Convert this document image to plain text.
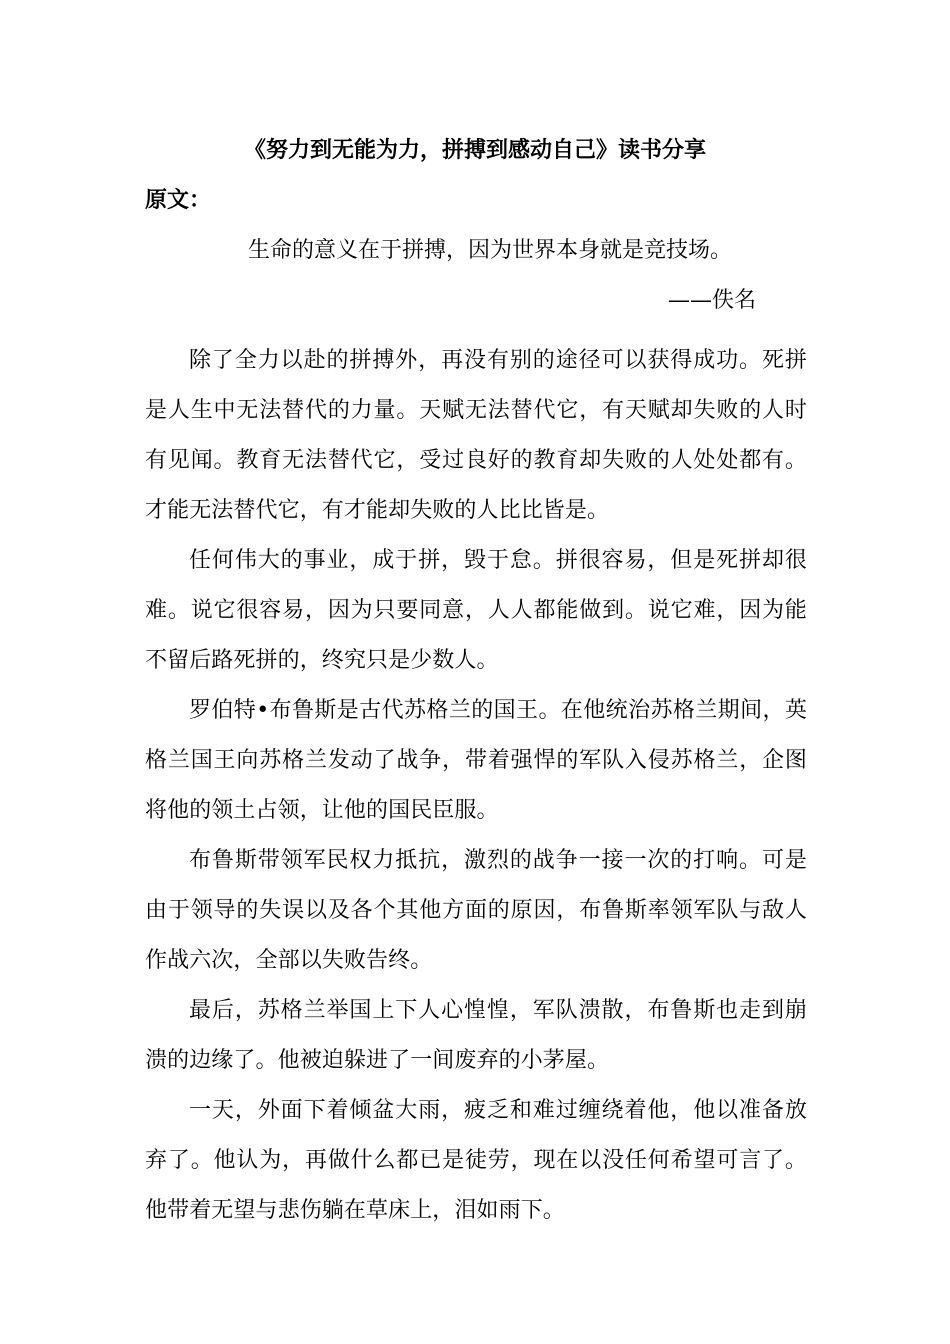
《努力到无能为力，拼搏到感动自己》读书分享
原文：
生命的意义在于拼搏，因为世界本身就是竞技场。
——佚名

除了全力以赴的拼搏外，再没有别的途径可以获得成功。死拼是人生中无法替代的力量。天赋无法替代它，有天赋却失败的人时有见闻。教育无法替代它，受过良好的教育却失败的人处处都有。才能无法替代它，有才能却失败的人比比皆是。

任何伟大的事业，成于拼，毁于怠。拼很容易，但是死拼却很难。说它很容易，因为只要同意，人人都能做到。说它难，因为能不留后路死拼的，终究只是少数人。

罗伯特•布鲁斯是古代苏格兰的国王。在他统治苏格兰期间，英格兰国王向苏格兰发动了战争，带着强悍的军队入侵苏格兰，企图将他的领土占领，让他的国民臣服。

布鲁斯带领军民权力抵抗，激烈的战争一接一次的打响。可是由于领导的失误以及各个其他方面的原因，布鲁斯率领军队与敌人作战六次，全部以失败告终。

最后，苏格兰举国上下人心惶惶，军队溃散，布鲁斯也走到崩溃的边缘了。他被迫躲进了一间废弃的小茅屋。

一天，外面下着倾盆大雨，疲乏和难过缠绕着他，他以准备放弃了。他认为，再做什么都已是徒劳，现在以没任何希望可言了。他带着无望与悲伤躺在草床上，泪如雨下。
